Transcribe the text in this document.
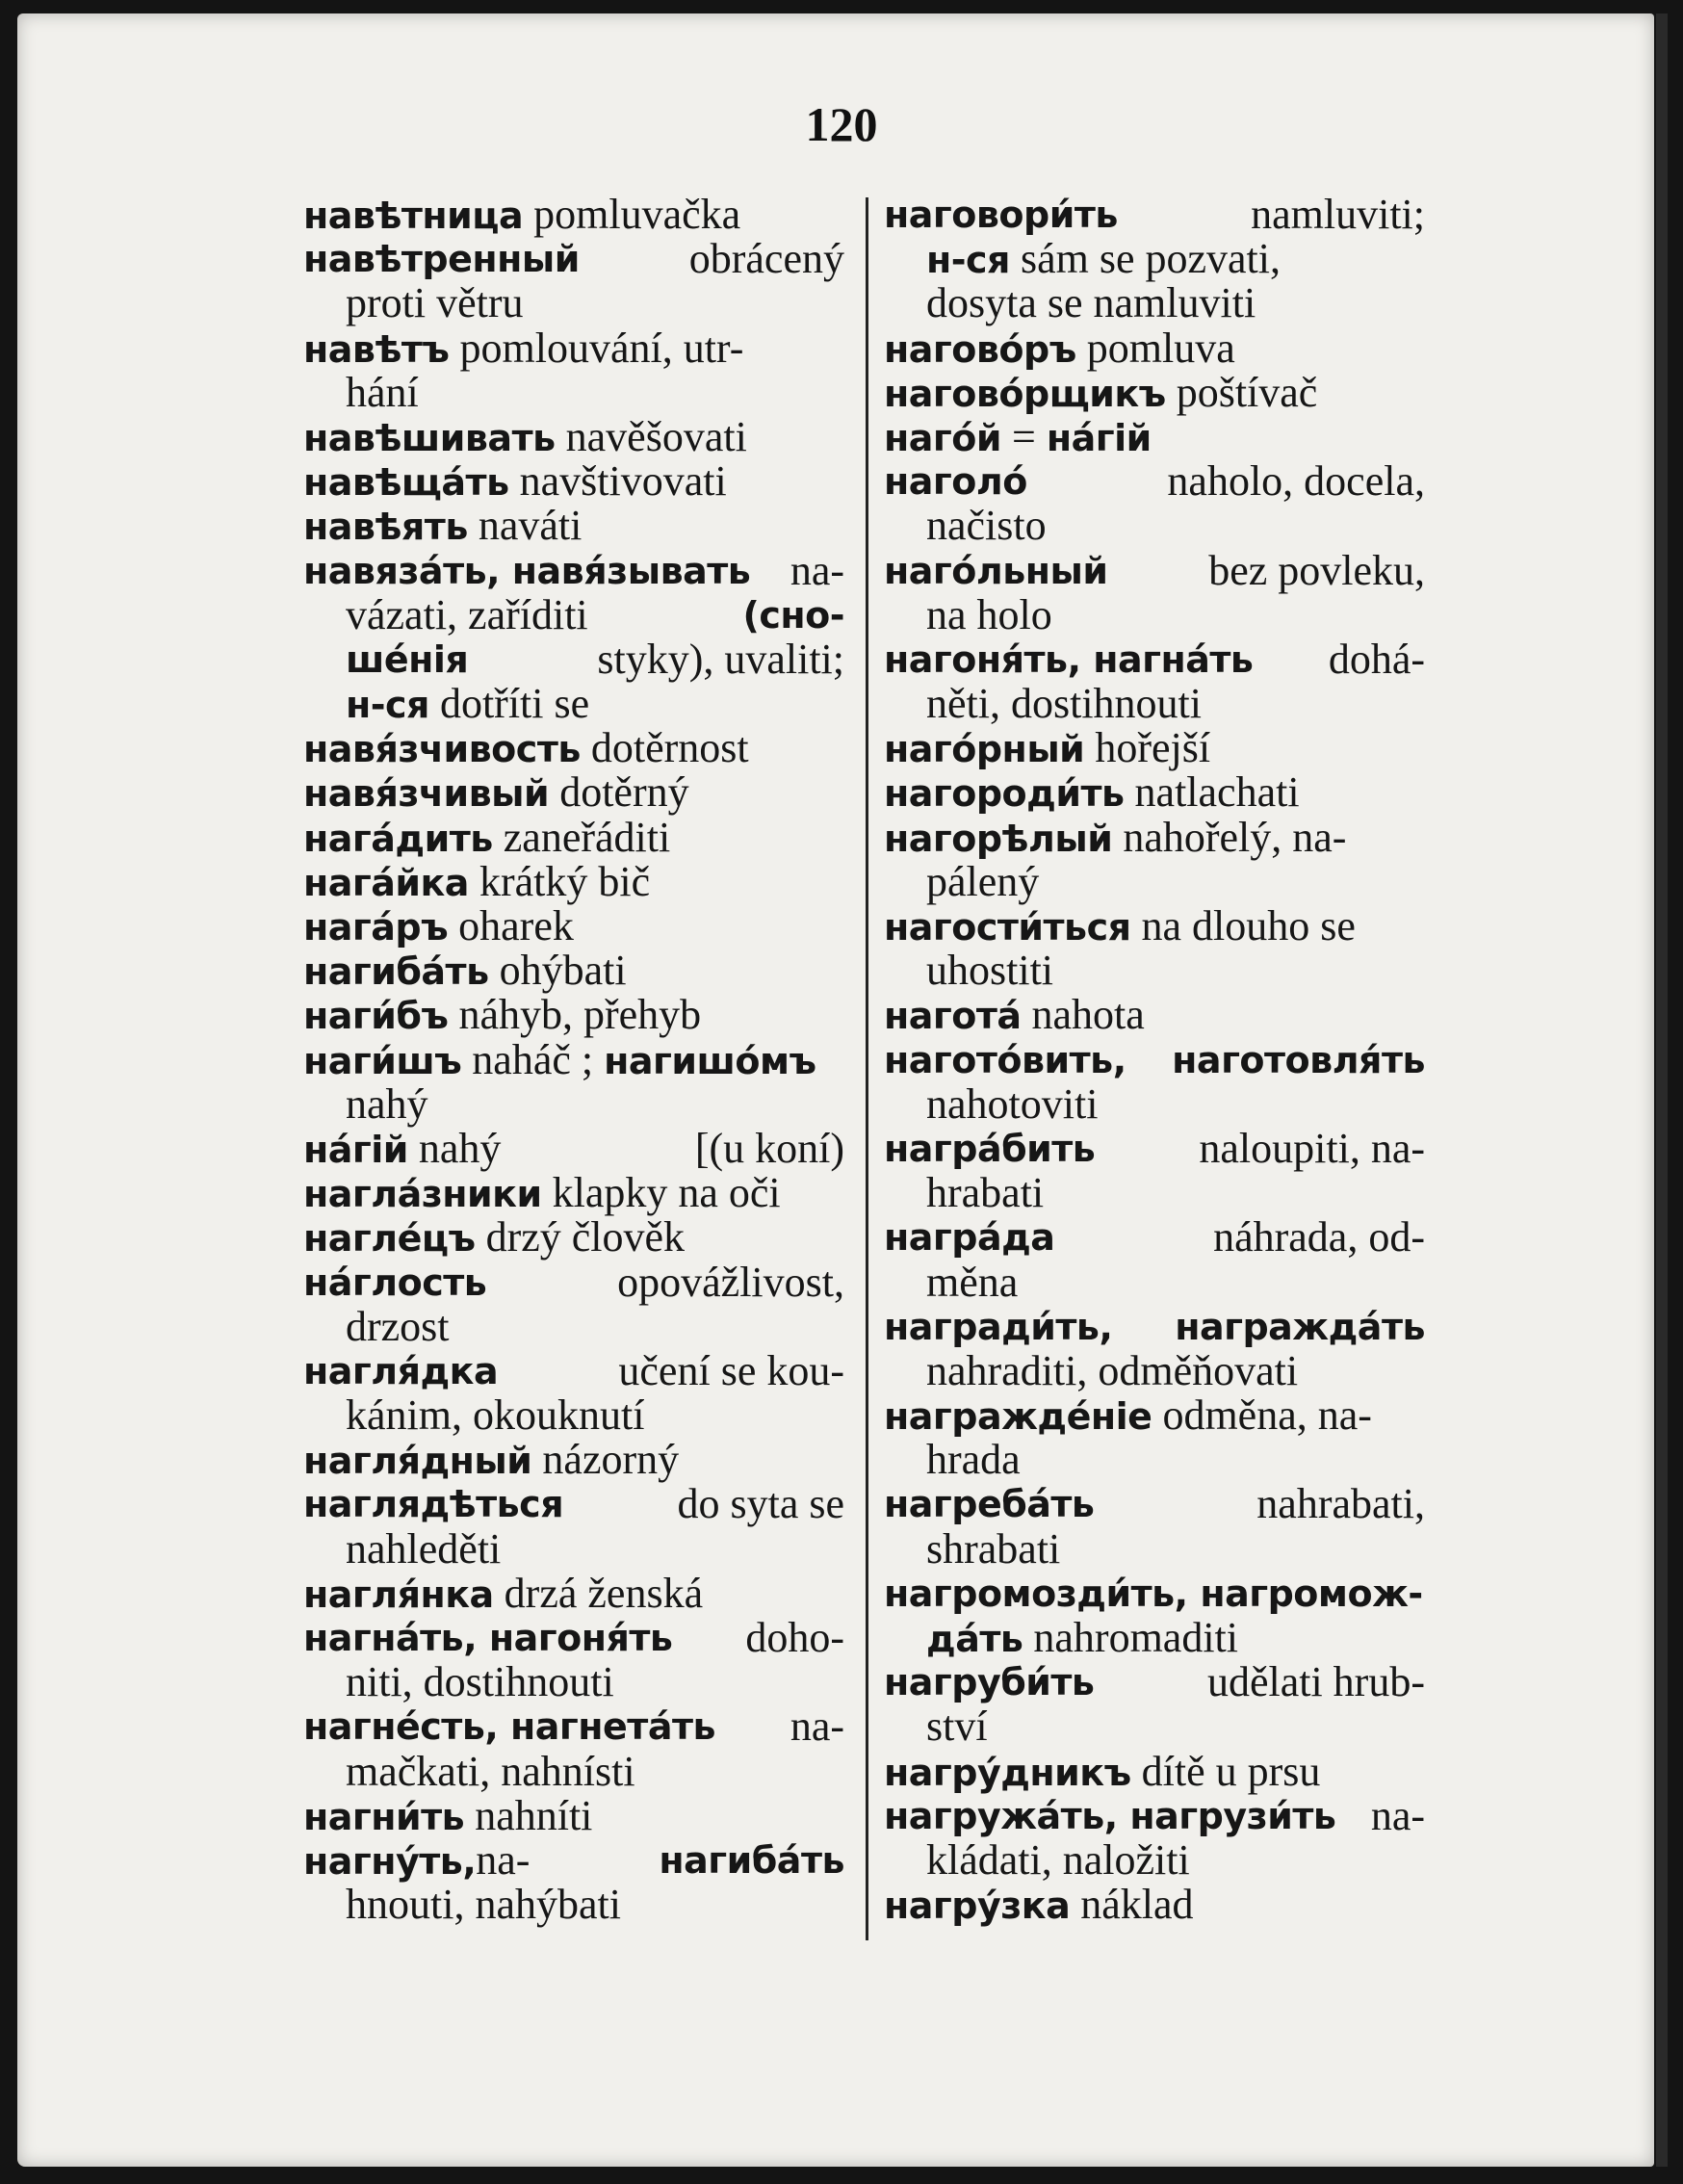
120
навѣтница pomluvačka
навѣтренный	obrácený
proti větru
навѣтъ pomlouvání, utr-
hání
навѣшивать navěšovati
навѣщáть navštivovati
навѣять naváti
навязáть, навя́зывать na-
vázati, zaříditi	(сно-
шéнія	styky), uvaliti;
н-ся dotříti se
навя́зчивость dotěrnost
навя́зчивый dotěrný
нагáдить zaneřáditi
нагáйка krátký bič
нагáръ oharek
нагибáть ohýbati
наги́бъ náhyb, přehyb
наги́шъ naháč ; нагишóмъ
nahý
нáгій nahý	[(u koní)
нагла́зники klapky na oči
наглéцъ drzý člověk
нáглость	opovážlivost,
drzost
нагля́дка	učení se kou-
kánim, okouknutí
нагля́дный názorný
наглядѣться	do syta se
nahleděti
нагля́нка drzá ženská
нагнáть, нагоня́ть doho-
niti, dostihnouti
нагнéсть, нагнетáть na-
mačkati, nahnísti
нагни́ть nahníti
нагнýть,na-	нагибáть
hnouti, nahýbati
наговори́ть	namluviti;
н-ся sám se pozvati,
dosyta se namluviti
наговóръ pomluva
наговóрщикъ poštívač
нагóй = нáгій
нагoлó	naholo, docela,
načisto
нагóльный bez povleku,
na holo
нагоня́ть, нагнáть dohá-
něti, dostihnouti
нагóрный hořejší
нагороди́ть natlachati
нагорѣлый nahořelý, na-
pálený
нагости́ться na dlouho se
uhostiti
наготá nahota
наготóвить, наготовля́ть
nahotoviti
награ́бить naloupiti, na-
hrabati
награ́да	náhrada, od-
měna
награди́ть, награждáть
nahraditi, odměňovati
награждéніе odměna, na-
hrada
нагребáть	nahrabati,
shrabati
нагромозди́ть, нагромож-
дáть nahromaditi
нагруби́ть	udělati hrub-
ství
нагрýдникъ dítě u prsu
нагружáть, нагрузи́ть na-
kládati, naložiti
нагрýзка náklad
